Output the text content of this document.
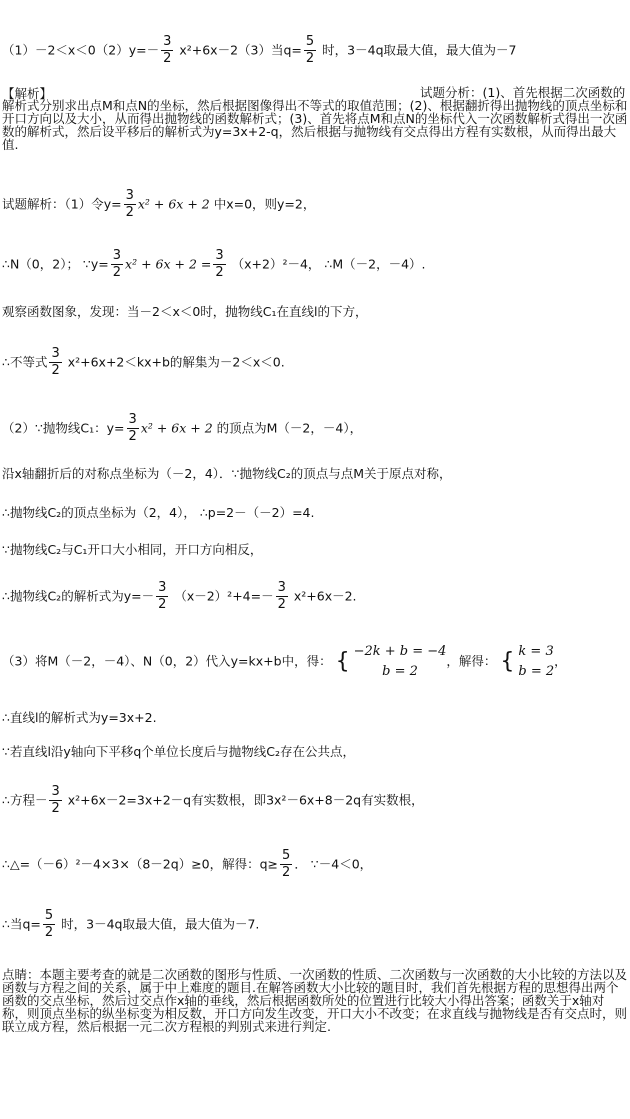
$(1)-2<x<0(2)y=- \frac{3}{2} x^2+6x-2(3)$当$q= \frac{5}{2}$ 时，3－4q取最大值，最大值为－7
【解析】	试题分析：(1)、首先根据二次函数的解析式分别求出点M和点N的坐标，然后根据图像得出不等式的取值范围；(2)、根据翻折得出抛物线的顶点坐标和开口方向以及大小，从而得出抛物线的函数解析式；(3)、首先将点M和点N的坐标代入一次函数解析式得出一次函数的解析式，然后设平移后的解析式为y=3x+2-q，然后根据与抛物线有交点得出方程有实数根，从而得出最大值.
试题解析：（1）令$y= \frac{3}{2} x^2 + 6x + 2$ 中x=0，则y=2，
∴N（0，2）； ∵y= $\frac{3}{2} x^2 + 6x + 2 = \frac{3}{2} (x+2)^2-4$， ∴M（－2，－4）.
观察函数图象，发现：当－2＜x＜0时，抛物线C₁在直线l的下方，
∴不等式 $\frac{3}{2} x^2+6x+2<kx+b$的解集为－2＜x＜0.
（2）∵抛物线C₁：$y= \frac{3}{2} x^2 + 6x + 2$ 的顶点为M（－2，－4），
沿x轴翻折后的对称点坐标为（－2，4）．∵抛物线C₂的顶点与点M关于原点对称，
∴抛物线C₂的顶点坐标为（2，4）， ∴p=2－（－2）=4.
∵抛物线C₂与C₁开口大小相同，开口方向相反，
∴抛物线C₂的解析式为$y=- \frac{3}{2} (x-2)^2+4=- \frac{3}{2} x^2+6x-2$.
（3）将M（－2，－4）、N（0，2）代入y=kx+b中，得： { −2k + b = −4
b = 2
，解得： { k = 3
b = 2
，
∴直线l的解析式为y=3x+2.
∵若直线l沿y轴向下平移q个单位长度后与抛物线C₂存在公共点，
∴方程－ $\frac{3}{2} x^2+6x-2=3x+2-q$有实数根，即3x²－6x+8－2q有实数根，
∴△=（－6）²－4×3×（8－2q）≥0，解得：$q\ge \frac{5}{2}$ ． ∵－4＜0，
∴当$q= \frac{5}{2}$ 时，3－4q取最大值，最大值为－7.
点睛：本题主要考查的就是二次函数的图形与性质、一次函数的性质、二次函数与一次函数的大小比较的方法以及函数与方程之间的关系，属于中上难度的题目.在解答函数大小比较的题目时，我们首先根据方程的思想得出两个函数的交点坐标，然后过交点作x轴的垂线，然后根据函数所处的位置进行比较大小得出答案；函数关于x轴对称，则顶点坐标的纵坐标变为相反数，开口方向发生改变，开口大小不改变；在求直线与抛物线是否有交点时，则联立成方程，然后根据一元二次方程根的判别式来进行判定.
